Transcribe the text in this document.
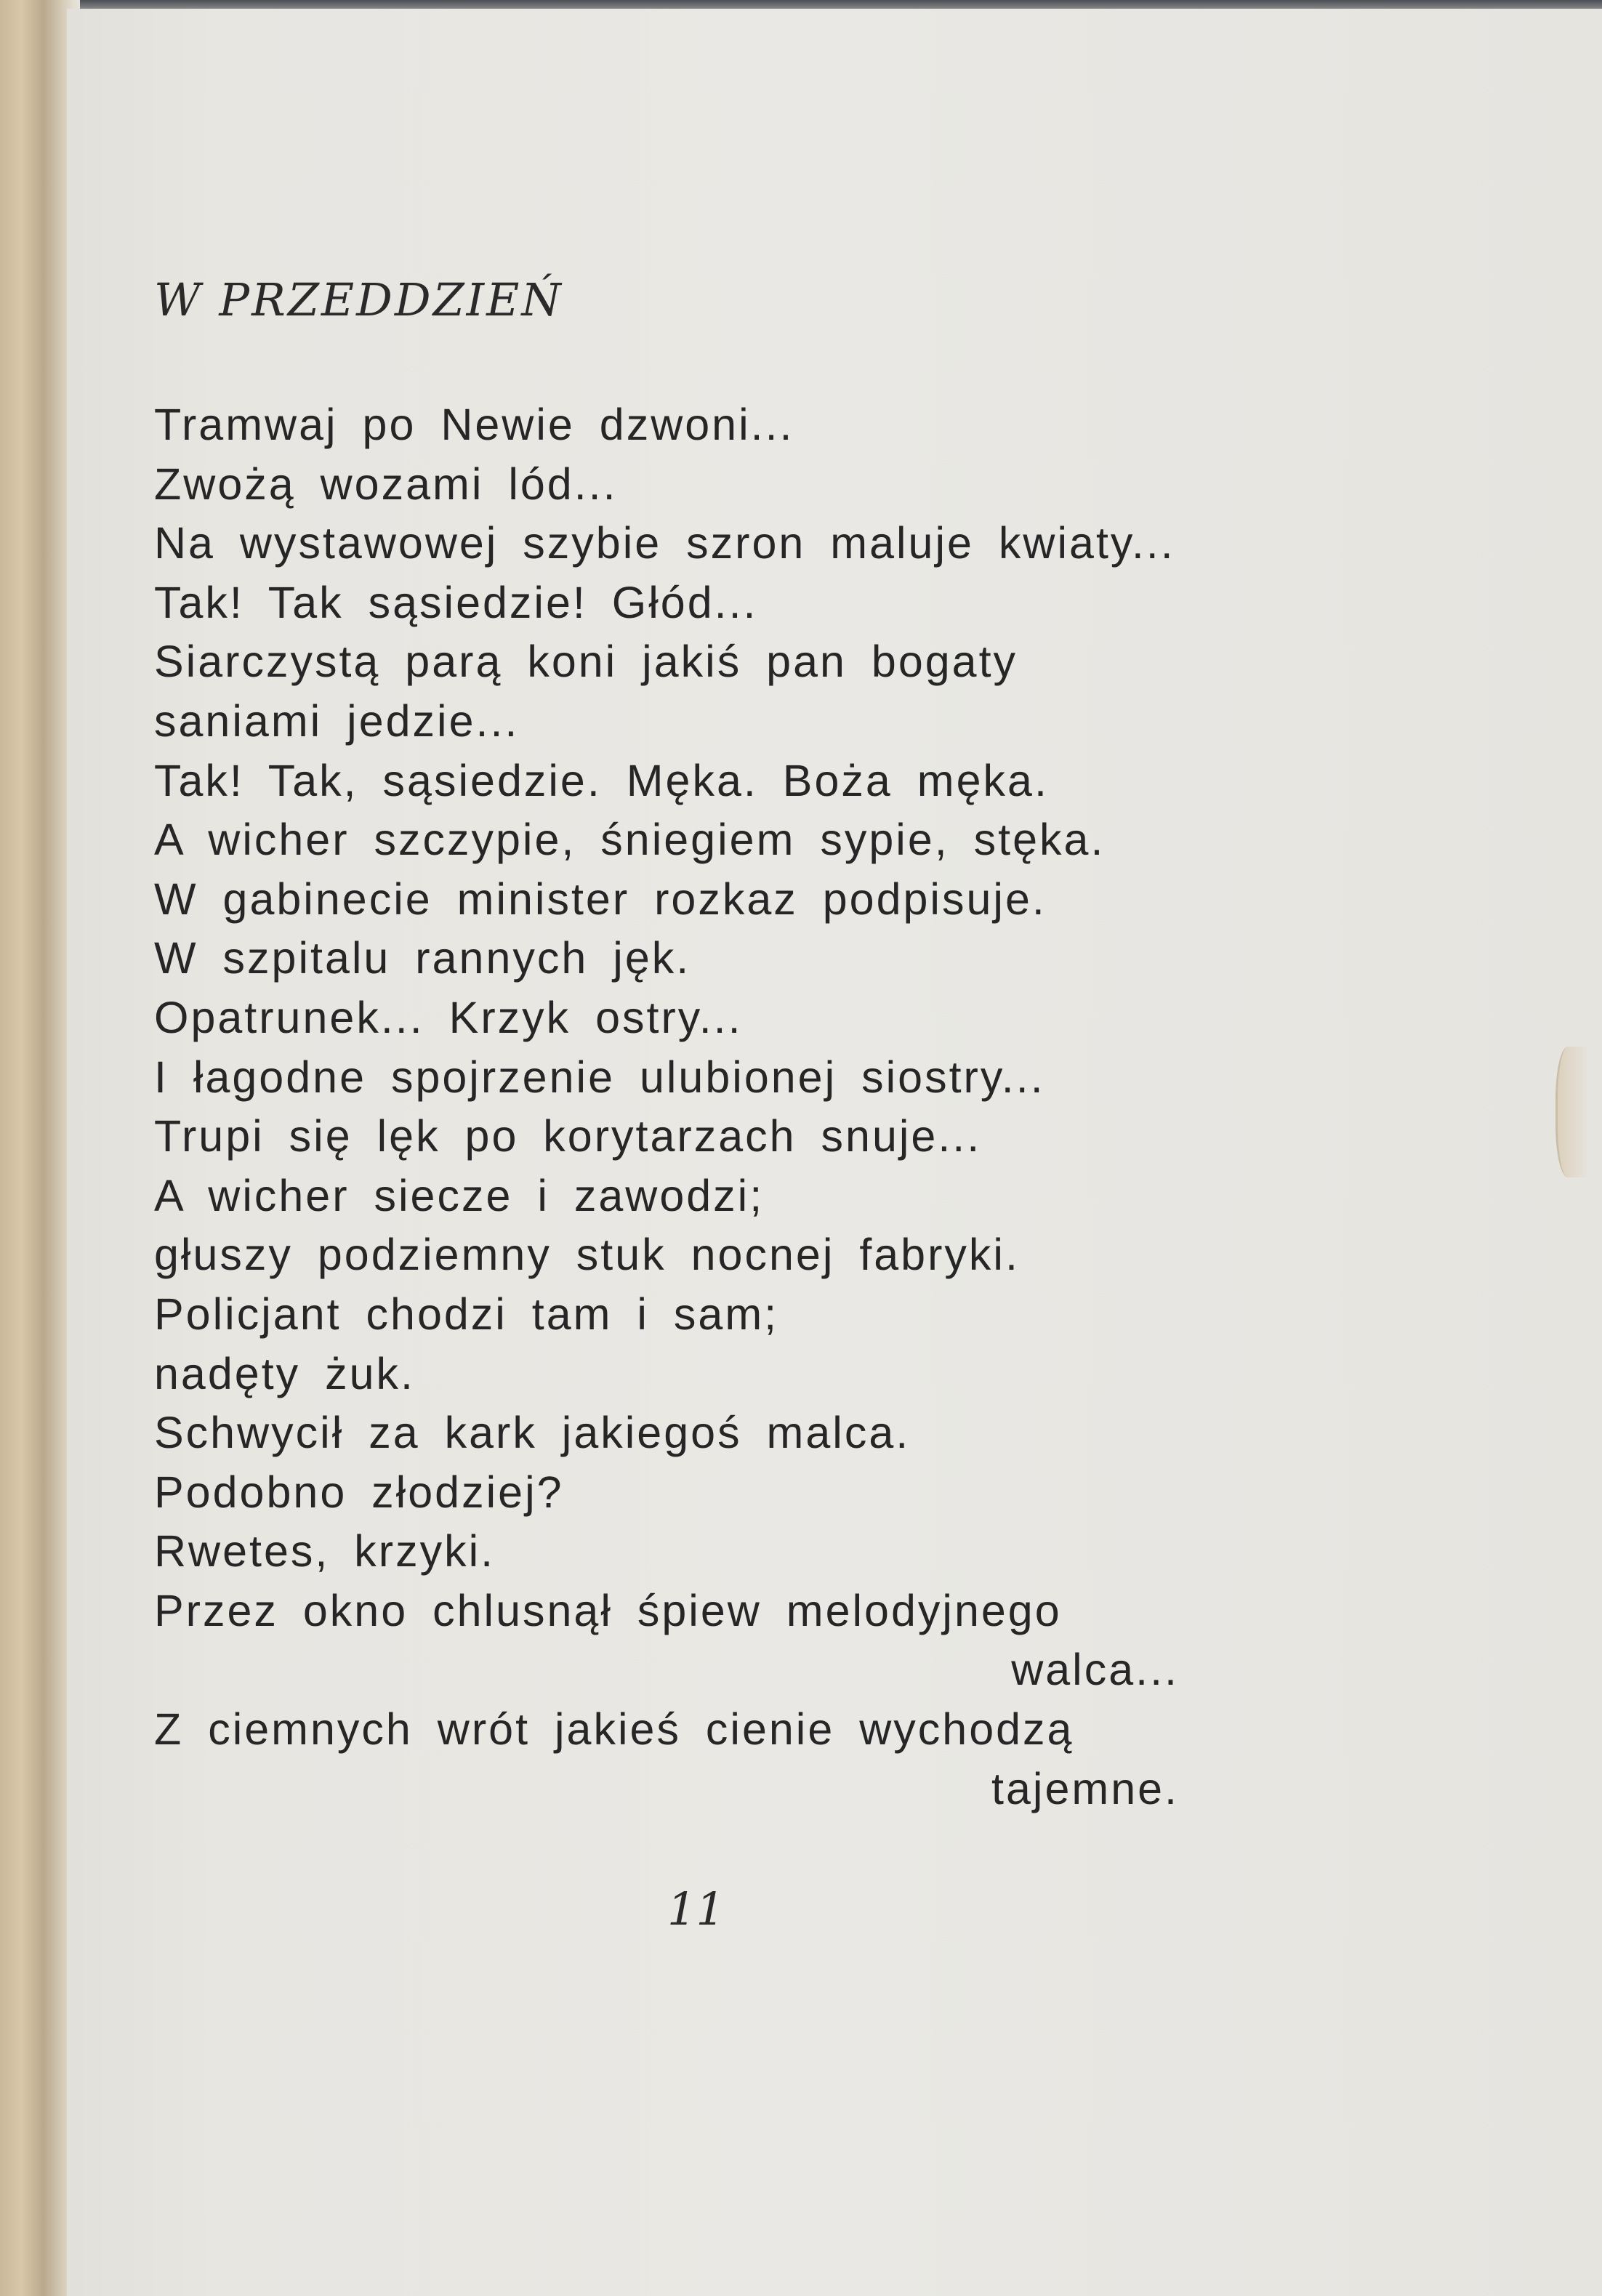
W PRZEDDZIEŃ
Tramwaj po Newie dzwoni...
Zwożą wozami lód...
Na wystawowej szybie szron maluje kwiaty...
Tak! Tak sąsiedzie! Głód...
Siarczystą parą koni jakiś pan bogaty
saniami jedzie...
Tak! Tak, sąsiedzie. Męka. Boża męka.
A wicher szczypie, śniegiem sypie, stęka.
W gabinecie minister rozkaz podpisuje.
W szpitalu rannych jęk.
Opatrunek... Krzyk ostry...
I łagodne spojrzenie ulubionej siostry...
Trupi się lęk po korytarzach snuje...
A wicher siecze i zawodzi;
głuszy podziemny stuk nocnej fabryki.
Policjant chodzi tam i sam;
nadęty żuk.
Schwycił za kark jakiegoś malca.
Podobno złodziej?
Rwetes, krzyki.
Przez okno chlusnął śpiew melodyjnego
walca...
Z ciemnych wrót jakieś cienie wychodzą
tajemne.
11
